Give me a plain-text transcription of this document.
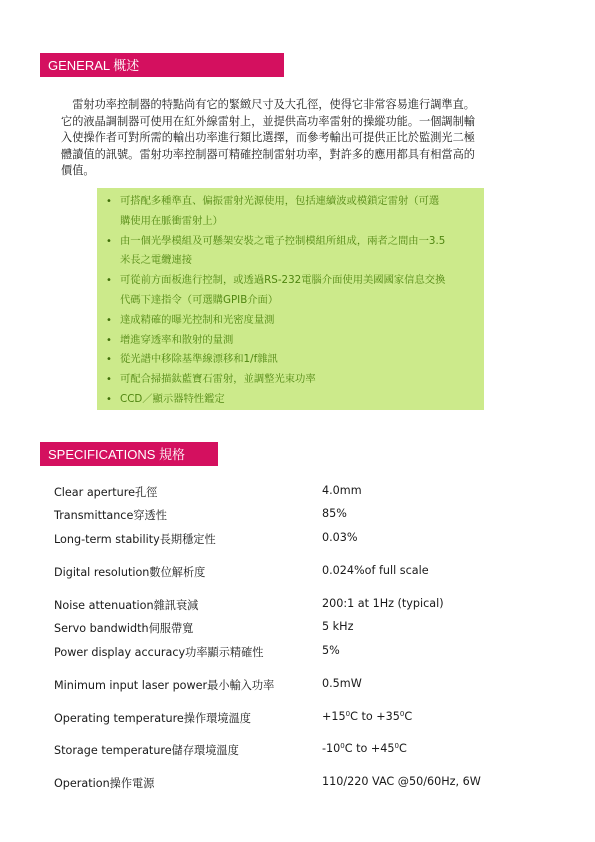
GENERAL 概述
　雷射功率控制器的特點尚有它的緊緻尺寸及大孔徑，使得它非常容易進行調準直。
它的液晶調制器可使用在紅外線雷射上，並提供高功率雷射的操縱功能。一個調制輸
入使操作者可對所需的輸出功率進行類比選擇，而參考輸出可提供正比於監測光二極
體讀值的訊號。雷射功率控制器可精確控制雷射功率，對許多的應用都具有相當高的
價值。
• 可搭配多種準直、偏振雷射光源使用，包括連續波或模鎖定雷射（可選
購使用在脈衝雷射上）
• 由一個光學模組及可懸架安裝之電子控制模組所組成，兩者之間由一3.5
米長之電纜連接
• 可從前方面板進行控制，或透過RS-232電腦介面使用美國國家信息交換
代碼下達指令（可選購GPIB介面）
• 達成精確的曝光控制和光密度量測
• 增進穿透率和散射的量測
• 從光譜中移除基準線漂移和1/f雜訊
• 可配合掃描鈦藍寶石雷射，並調整光束功率
• CCD／顯示器特性鑑定
SPECIFICATIONS 規格
Clear aperture孔徑	4.0mm
Transmittance穿透性	85%
Long-term stability長期穩定性	0.03%
Digital resolution數位解析度	0.024%of full scale
Noise attenuation雜訊衰減	200:1 at 1Hz (typical)
Servo bandwidth伺服帶寬	5 kHz
Power display accuracy功率顯示精確性	5%
Minimum input laser power最小輸入功率	0.5mW
Operating temperature操作環境溫度	$+15^0C$ to $+35^0C$
Storage temperature儲存環境溫度	$-10^0C$ to $+45^0C$
Operation操作電源	110/220 VAC @50/60Hz, 6W
